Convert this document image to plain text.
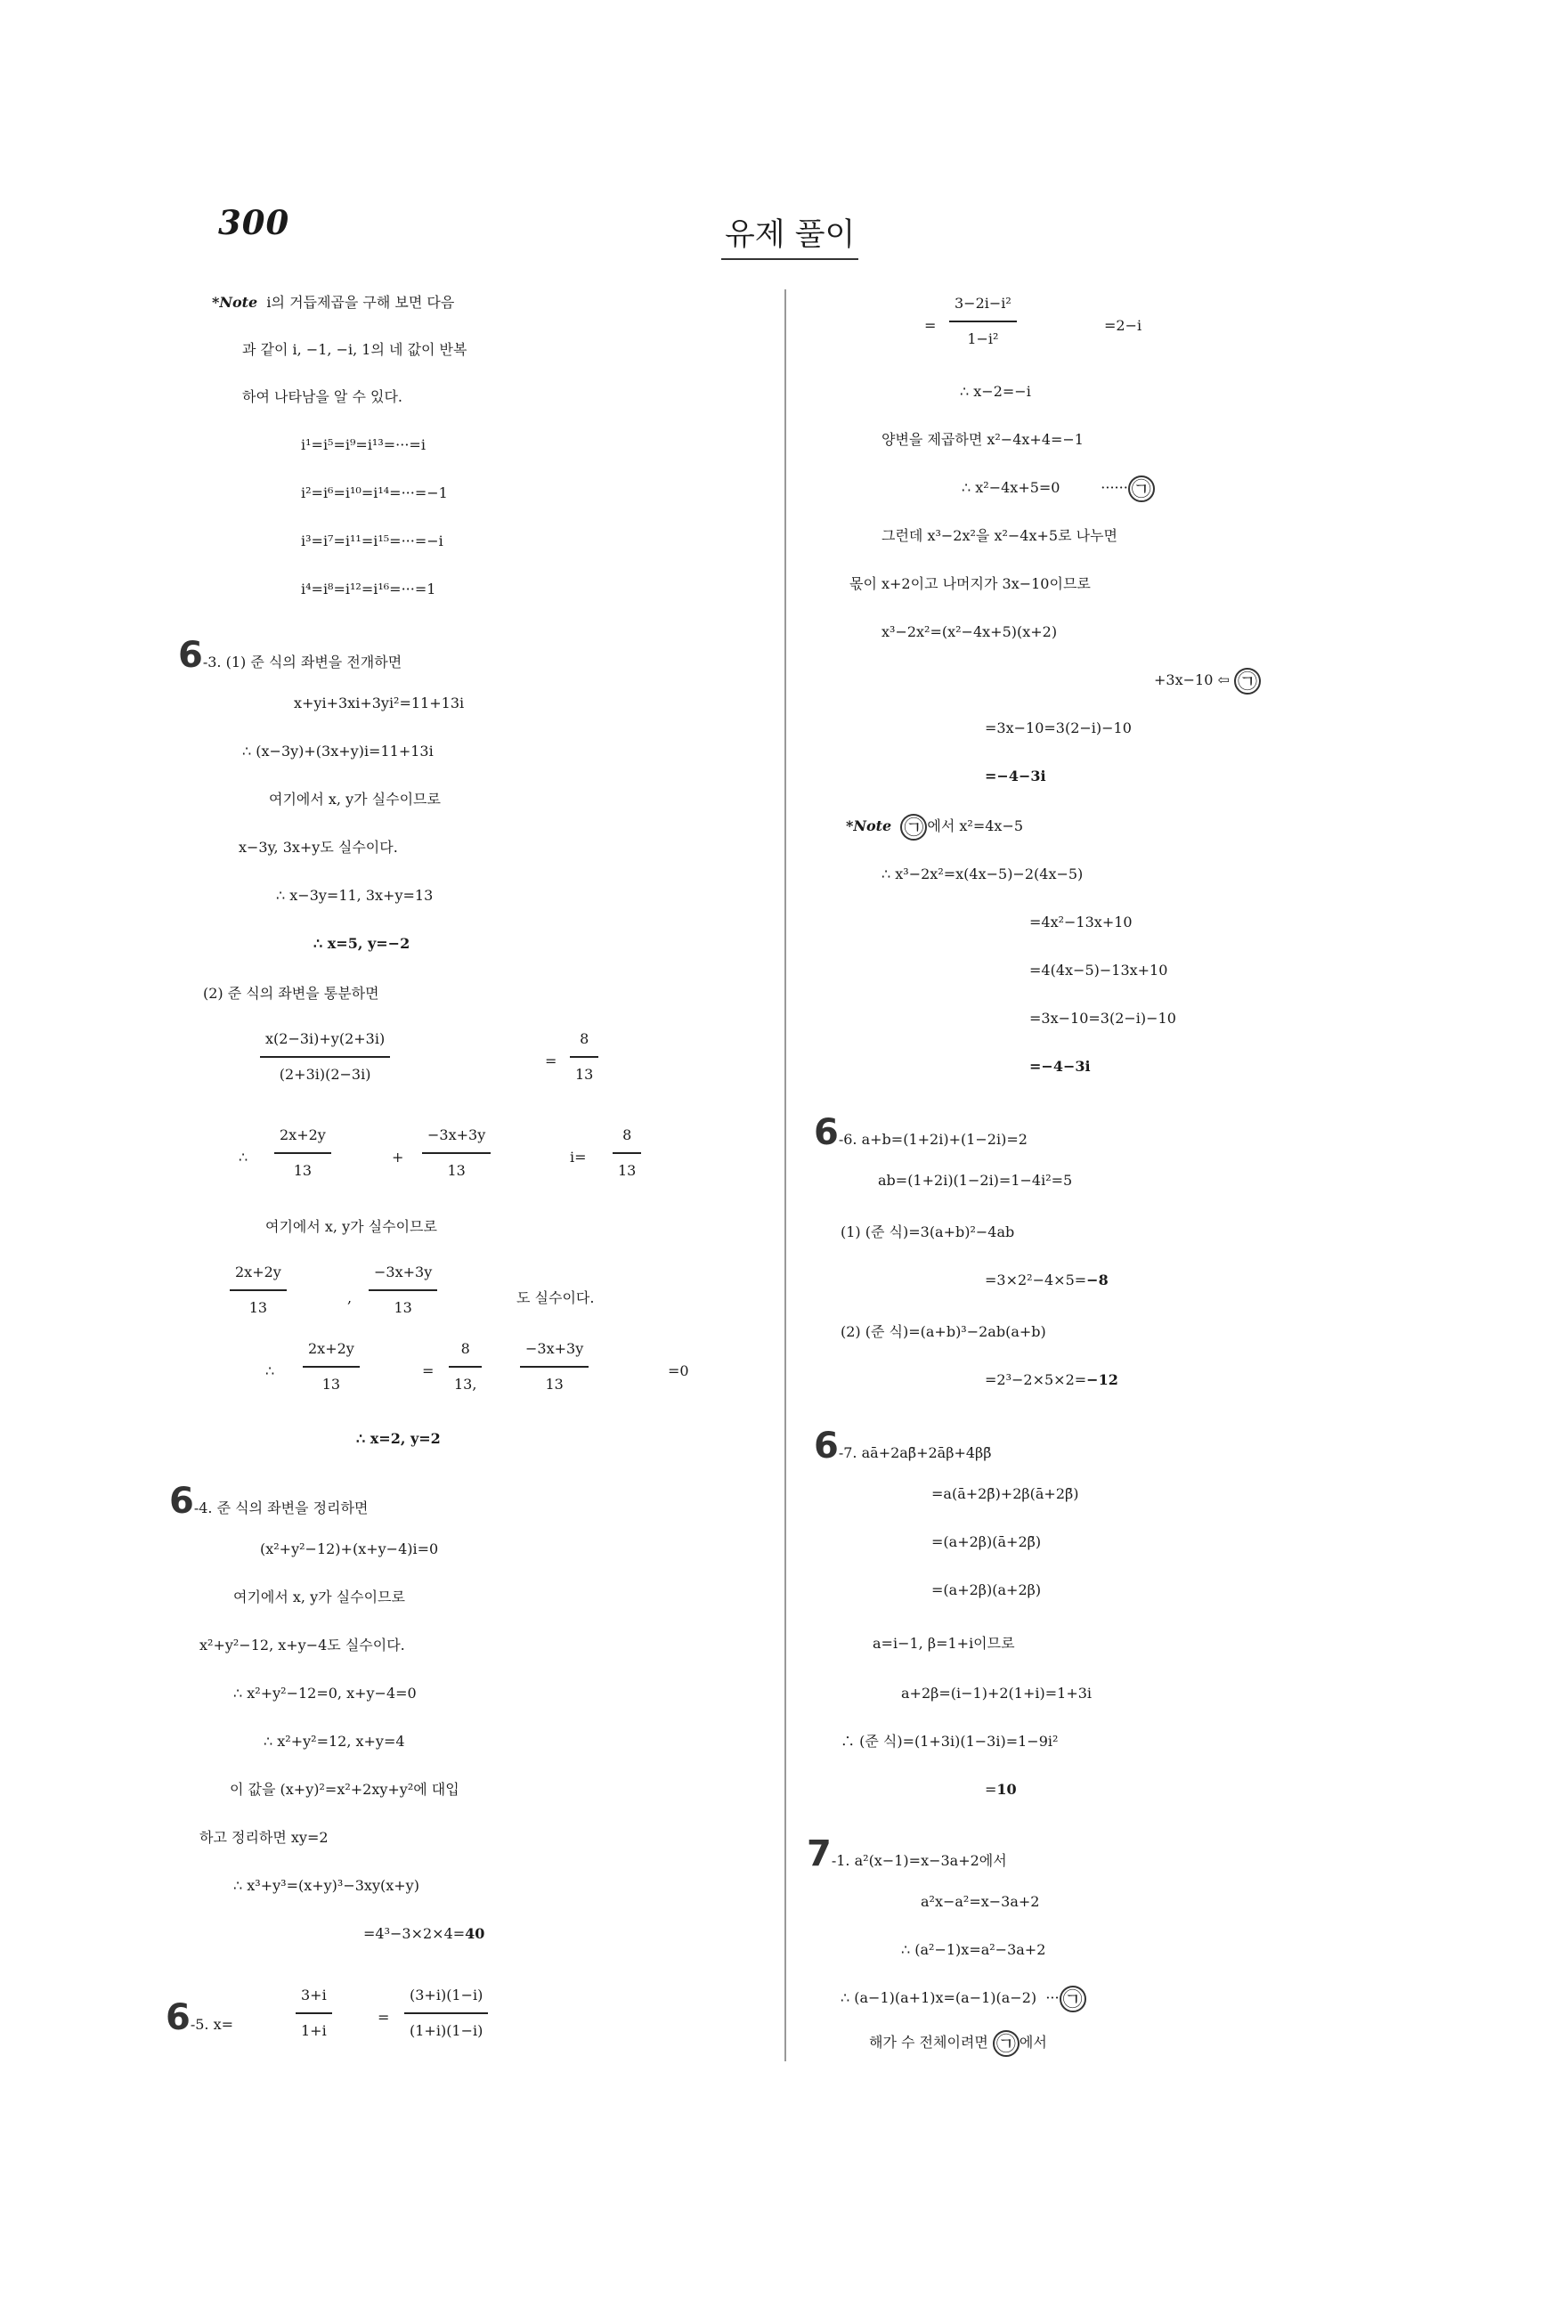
300	유제 풀이
*Note i의 거듭제곱을 구해 보면 다음
과 같이 i, −1, −i, 1의 네 값이 반복
하여 나타남을 알 수 있다.
i¹=i⁵=i⁹=i¹³=···=i
i²=i⁶=i¹⁰=i¹⁴=···=−1
i³=i⁷=i¹¹=i¹⁵=···=−i
i⁴=i⁸=i¹²=i¹⁶=···=1
6-3. (1) 준 식의 좌변을 전개하면
x+yi+3xi+3yi²=11+13i
∴ (x−3y)+(3x+y)i=11+13i
여기에서 x, y가 실수이므로
x−3y, 3x+y도 실수이다.
∴ x−3y=11, 3x+y=13
∴ x=5, y=−2
(2) 준 식의 좌변을 통분하면
$\frac{x(2-3i)+y(2+3i)}{(2+3i)(2-3i)}$	= $\frac{8}{13}$
∴ $\frac{2x+2y}{13}$	+ $\frac{-3x+3y}{13}$	$i= \frac{8}{13}$
여기에서 x, y가 실수이므로
$\frac{2x+2y}{13}$	, $\frac{-3x+3y}{13}$	도 실수이다.
∴ $\frac{2x+2y}{13}$	= $\frac{8}{13,}$	$\frac{-3x+3y}{13}$	=0
∴ x=2, y=2
6-4. 준 식의 좌변을 정리하면
(x²+y²−12)+(x+y−4)i=0
여기에서 x, y가 실수이므로
x²+y²−12, x+y−4도 실수이다.
∴ x²+y²−12=0, x+y−4=0
∴ x²+y²=12, x+y=4
이 값을 (x+y)²=x²+2xy+y²에 대입
하고 정리하면 xy=2
∴ x³+y³=(x+y)³−3xy(x+y)
=4³−3×2×4=40
6-5. x=	$\frac{3+i}{1+i}$	= $\frac{(3+i)(1-i)}{(1+i)(1-i)}$
= $\frac{\text{3−2i−i²}}{\text{1−i²}}$	=2−i
∴ x−2=−i
양변을 제곱하면 x²−4x+4=−1
∴ x²−4x+5=0	······ ㉠
그런데 x³−2x²을 x²−4x+5로 나누면
몫이 x+2이고 나머지가 3x−10이므로
x³−2x²=(x²−4x+5)(x+2)
+3x−10 ⇦ ㉠
=3x−10=3(2−i)−10
=−4−3i
*Note ㉠ 에서 x²=4x−5
∴ x³−2x²=x(4x−5)−2(4x−5)
=4x²−13x+10
=4(4x−5)−13x+10
=3x−10=3(2−i)−10
=−4−3i
6-6. a+b=(1+2i)+(1−2i)=2
ab=(1+2i)(1−2i)=1−4i²=5
(1) (준 식)=3(a+b)²−4ab
=3×2²−4×5=−8
(2) (준 식)=(a+b)³−2ab(a+b)
=2³−2×5×2=−12
6-7. aā+2aβ̄+2āβ+4ββ̄
=a(ā+2β̄)+2β(ā+2β̄)
=(a+2β)(ā+2β̄)
=(a+2β)(a+2β)
a=i−1, β=1+i이므로
a+2β=(i−1)+2(1+i)=1+3i
∴ (준 식)=(1+3i)(1−3i)=1−9i²
=10
7-1. a²(x−1)=x−3a+2에서
a²x−a²=x−3a+2
∴ (a²−1)x=a²−3a+2
∴ (a−1)(a+1)x=(a−1)(a−2) ··· ㉠
해가 수 전체이려면 ㉠ 에서
